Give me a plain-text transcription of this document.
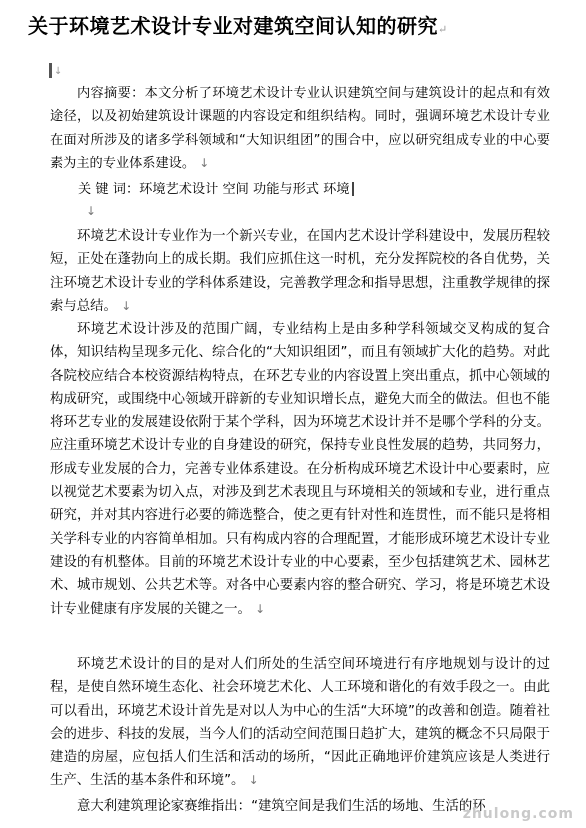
关于环境艺术设计专业对建筑空间认知的研究↵
↓

内容摘要：本文分析了环境艺术设计专业认识建筑空间与建筑设计的起点和有效途径，以及初始建筑设计课题的内容设定和组织结构。同时，强调环境艺术设计专业在面对所涉及的诸多学科领域和“大知识组团”的围合中，应以研究组成专业的中心要素为主的专业体系建设。 ↓

关 键 词：环境艺术设计 空间 功能与形式 环境
↓

环境艺术设计专业作为一个新兴专业，在国内艺术设计学科建设中，发展历程较短，正处在蓬勃向上的成长期。我们应抓住这一时机，充分发挥院校的各自优势，关注环境艺术设计专业的学科体系建设，完善教学理念和指导思想，注重教学规律的探索与总结。 ↓

环境艺术设计涉及的范围广阔，专业结构上是由多种学科领域交叉构成的复合体，知识结构呈现多元化、综合化的“大知识组团”，而且有领域扩大化的趋势。对此各院校应结合本校资源结构特点，在环艺专业的内容设置上突出重点，抓中心领域的构成研究，或围绕中心领域开辟新的专业知识增长点，避免大而全的做法。但也不能将环艺专业的发展建设依附于某个学科，因为环境艺术设计并不是哪个学科的分支。应注重环境艺术设计专业的自身建设的研究，保持专业良性发展的趋势，共同努力，形成专业发展的合力，完善专业体系建设。在分析构成环境艺术设计中心要素时，应以视觉艺术要素为切入点，对涉及到艺术表现且与环境相关的领域和专业，进行重点研究，并对其内容进行必要的筛选整合，使之更有针对性和连贯性，而不能只是将相关学科专业的内容简单相加。只有构成内容的合理配置，才能形成环境艺术设计专业建设的有机整体。目前的环境艺术设计专业的中心要素，至少包括建筑艺术、园林艺术、城市规划、公共艺术等。对各中心要素内容的整合研究、学习，将是环境艺术设计专业健康有序发展的关键之一。 ↓

环境艺术设计的目的是对人们所处的生活空间环境进行有序地规划与设计的过程，是使自然环境生态化、社会环境艺术化、人工环境和谐化的有效手段之一。由此可以看出，环境艺术设计首先是对以人为中心的生活“大环境”的改善和创造。随着社会的进步、科技的发展，当今人们的活动空间范围日趋扩大，建筑的概念不只局限于建造的房屋，应包括人们生活和活动的场所，“因此正确地评价建筑应该是人类进行生产、生活的基本条件和环境”。 ↓

意大利建筑理论家赛维指出：“建筑空间是我们生活的场地、生活的环

zhulong.com
